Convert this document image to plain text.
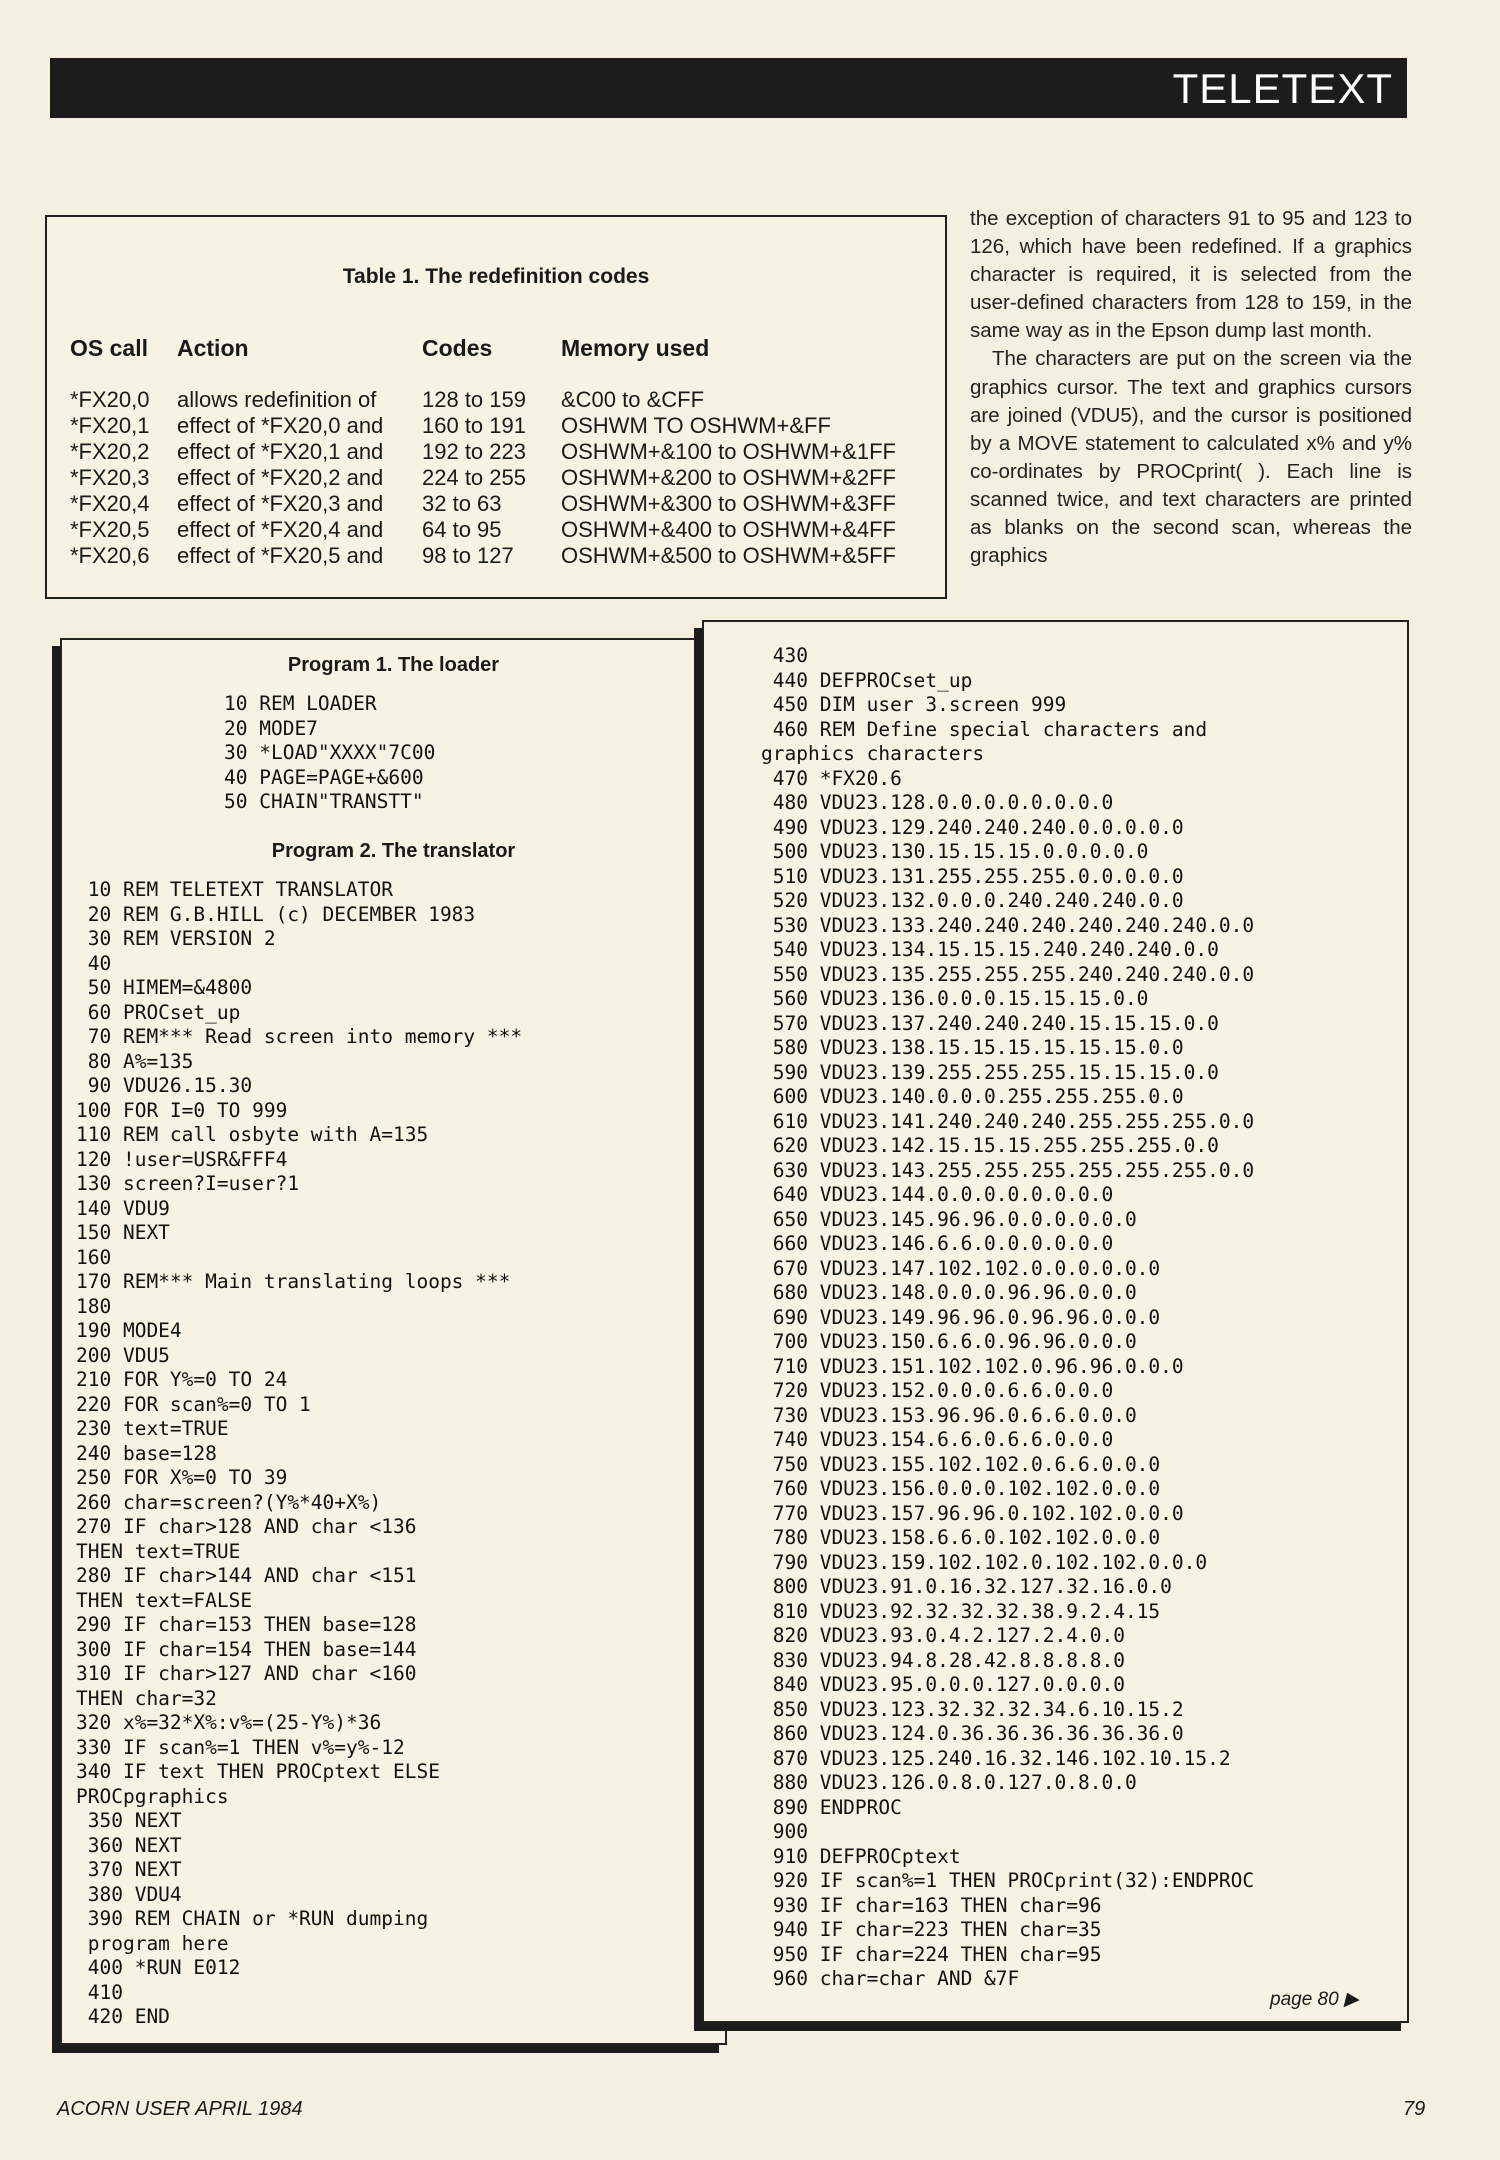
TELETEXT
Table 1. The redefinition codes
OS call Action	Codes	Memory used
*FX20,0 allows redefinition of 128 to 159 &C00 to &CFF
*FX20,1 effect of *FX20,0 and 160 to 191 OSHWM TO OSHWM+&FF
*FX20,2 effect of *FX20,1 and 192 to 223 OSHWM+&100 to OSHWM+&1FF
*FX20,3 effect of *FX20,2 and 224 to 255 OSHWM+&200 to OSHWM+&2FF
*FX20,4 effect of *FX20,3 and 32 to 63	OSHWM+&300 to OSHWM+&3FF
*FX20,5 effect of *FX20,4 and 64 to 95	OSHWM+&400 to OSHWM+&4FF
*FX20,6 effect of *FX20,5 and 98 to 127 OSHWM+&500 to OSHWM+&5FF

the exception of characters 91 to 95 and 123 to 126, which have been redefined. If a graphics character is required, it is selected from the user-defined characters from 128 to 159, in the same way as in the Epson dump last month.

The characters are put on the screen via the graphics cursor. The text and graphics cursors are joined (VDU5), and the cursor is positioned by a MOVE statement to calculated x% and y% co-ordinates by PROCprint( ). Each line is scanned twice, and text characters are printed as blanks on the second scan, whereas the graphics

Program 1. The loader
10 REM LOADER
20 MODE7
30 *LOAD"XXXX"7C00
40 PAGE=PAGE+&600
50 CHAIN"TRANSTT"
Program 2. The translator
10 REM TELETEXT TRANSLATOR
20 REM G.B.HILL (c) DECEMBER 1983
30 REM VERSION 2
40
50 HIMEM=&4800
60 PROCset_up
70 REM*** Read screen into memory ***
80 A%=135
90 VDU26.15.30
100 FOR I=0 TO 999
110 REM call osbyte with A=135
120 !user=USR&FFF4
130 screen?I=user?1
140 VDU9
150 NEXT
160
170 REM*** Main translating loops ***
180
190 MODE4
200 VDU5
210 FOR Y%=0 TO 24
220 FOR scan%=0 TO 1
230 text=TRUE
240 base=128
250 FOR X%=0 TO 39
260 char=screen?(Y%*40+X%)
270 IF char>128 AND char <136
THEN text=TRUE
280 IF char>144 AND char <151
THEN text=FALSE
290 IF char=153 THEN base=128
300 IF char=154 THEN base=144
310 IF char>127 AND char <160
THEN char=32
320 x%=32*X%:v%=(25-Y%)*36
330 IF scan%=1 THEN v%=y%-12
340 IF text THEN PROCptext ELSE
PROCpgraphics
350 NEXT
360 NEXT
370 NEXT
380 VDU4
390 REM CHAIN or *RUN dumping
program here
400 *RUN E012
410
420 END
430
440 DEFPROCset_up
450 DIM user 3.screen 999
460 REM Define special characters and
graphics characters
470 *FX20.6
480 VDU23.128.0.0.0.0.0.0.0.0
490 VDU23.129.240.240.240.0.0.0.0.0
500 VDU23.130.15.15.15.0.0.0.0.0
510 VDU23.131.255.255.255.0.0.0.0.0
520 VDU23.132.0.0.0.240.240.240.0.0
530 VDU23.133.240.240.240.240.240.240.0.0
540 VDU23.134.15.15.15.240.240.240.0.0
550 VDU23.135.255.255.255.240.240.240.0.0
560 VDU23.136.0.0.0.15.15.15.0.0
570 VDU23.137.240.240.240.15.15.15.0.0
580 VDU23.138.15.15.15.15.15.15.0.0
590 VDU23.139.255.255.255.15.15.15.0.0
600 VDU23.140.0.0.0.255.255.255.0.0
610 VDU23.141.240.240.240.255.255.255.0.0
620 VDU23.142.15.15.15.255.255.255.0.0
630 VDU23.143.255.255.255.255.255.255.0.0
640 VDU23.144.0.0.0.0.0.0.0.0
650 VDU23.145.96.96.0.0.0.0.0.0
660 VDU23.146.6.6.0.0.0.0.0.0
670 VDU23.147.102.102.0.0.0.0.0.0
680 VDU23.148.0.0.0.96.96.0.0.0
690 VDU23.149.96.96.0.96.96.0.0.0
700 VDU23.150.6.6.0.96.96.0.0.0
710 VDU23.151.102.102.0.96.96.0.0.0
720 VDU23.152.0.0.0.6.6.0.0.0
730 VDU23.153.96.96.0.6.6.0.0.0
740 VDU23.154.6.6.0.6.6.0.0.0
750 VDU23.155.102.102.0.6.6.0.0.0
760 VDU23.156.0.0.0.102.102.0.0.0
770 VDU23.157.96.96.0.102.102.0.0.0
780 VDU23.158.6.6.0.102.102.0.0.0
790 VDU23.159.102.102.0.102.102.0.0.0
800 VDU23.91.0.16.32.127.32.16.0.0
810 VDU23.92.32.32.32.38.9.2.4.15
820 VDU23.93.0.4.2.127.2.4.0.0
830 VDU23.94.8.28.42.8.8.8.8.0
840 VDU23.95.0.0.0.127.0.0.0.0
850 VDU23.123.32.32.32.34.6.10.15.2
860 VDU23.124.0.36.36.36.36.36.36.0
870 VDU23.125.240.16.32.146.102.10.15.2
880 VDU23.126.0.8.0.127.0.8.0.0
890 ENDPROC
900
910 DEFPROCptext
920 IF scan%=1 THEN PROCprint(32):ENDPROC
930 IF char=163 THEN char=96
940 IF char=223 THEN char=35
950 IF char=224 THEN char=95
960 char=char AND &7F
page 80 ▶
ACORN USER APRIL 1984	79
